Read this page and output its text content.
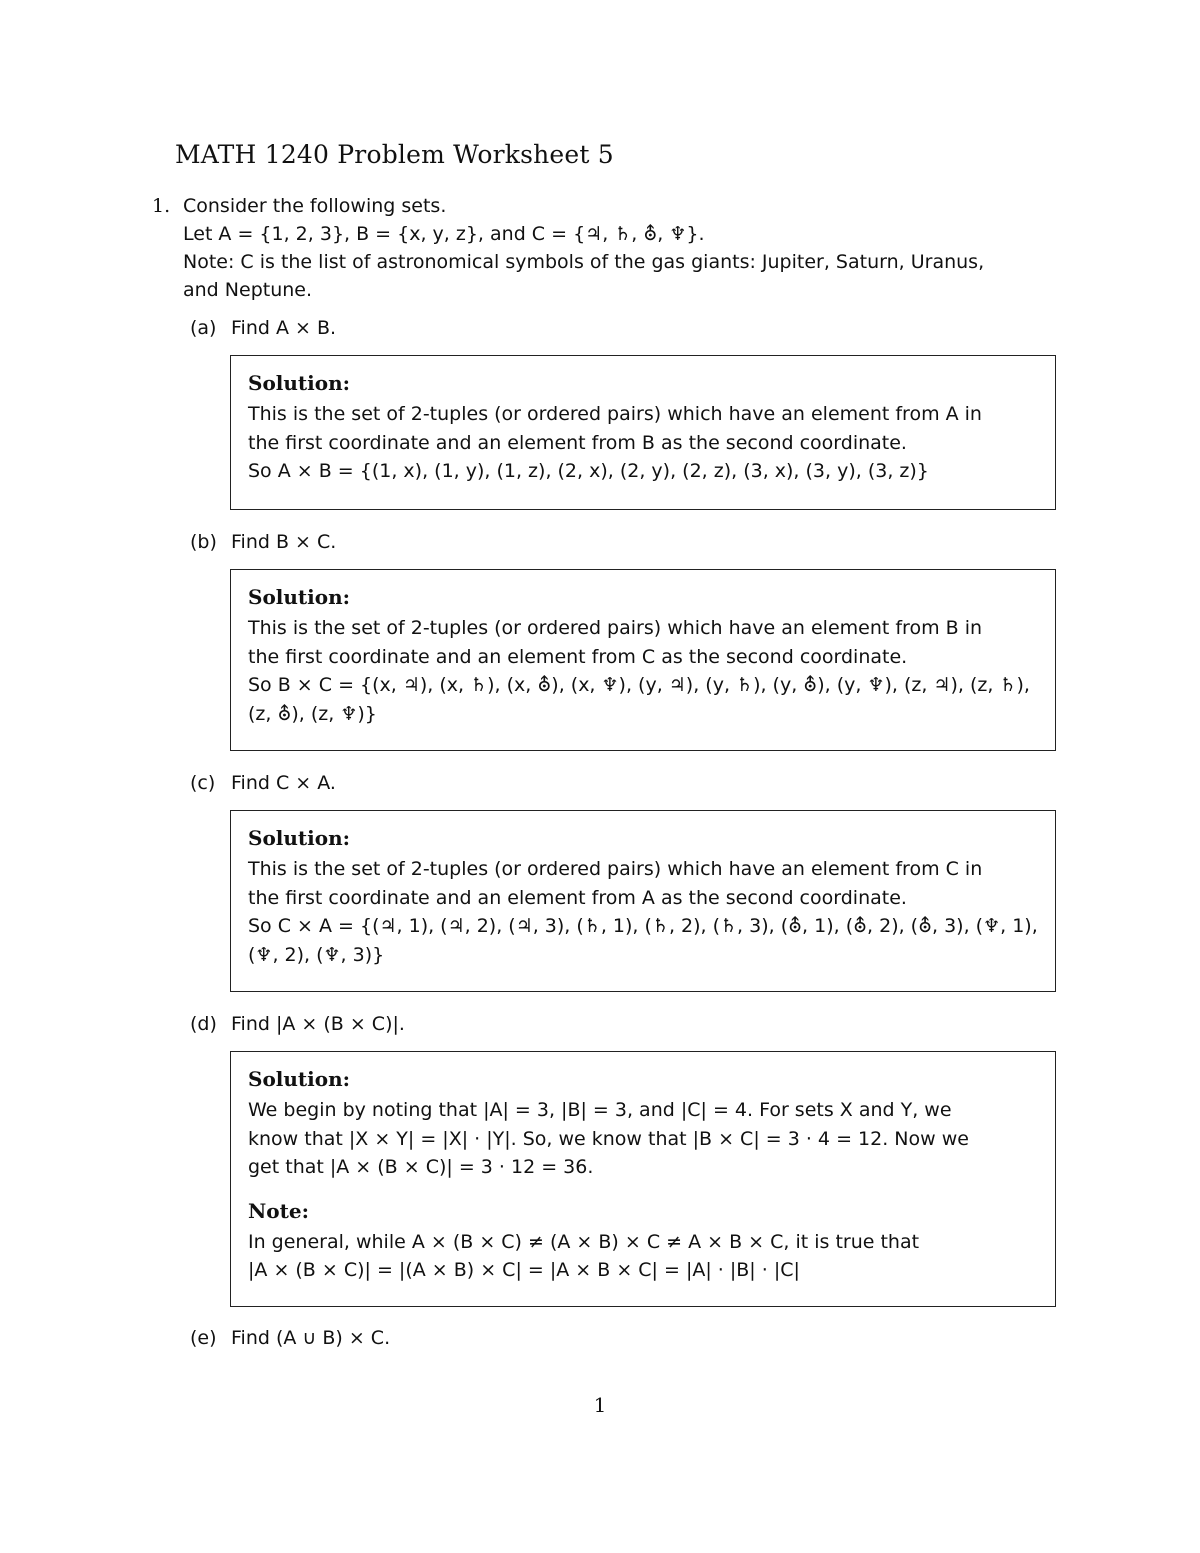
MATH 1240 Problem Worksheet 5
1. Consider the following sets.
Let A = {1, 2, 3}, B = {x, y, z}, and C = {♃, ♄, ⛢, ♆}.
Note: C is the list of astronomical symbols of the gas giants: Jupiter, Saturn, Uranus,
and Neptune.
(a) Find A × B.
Solution:
This is the set of 2-tuples (or ordered pairs) which have an element from A in
the first coordinate and an element from B as the second coordinate.
So A × B = {(1, x), (1, y), (1, z), (2, x), (2, y), (2, z), (3, x), (3, y), (3, z)}
(b) Find B × C.
Solution:
This is the set of 2-tuples (or ordered pairs) which have an element from B in
the first coordinate and an element from C as the second coordinate.
So B × C = {(x, ♃), (x, ♄), (x, ⛢), (x, ♆), (y, ♃), (y, ♄), (y, ⛢), (y, ♆), (z, ♃), (z, ♄),
(z, ⛢), (z, ♆)}
(c) Find C × A.
Solution:
This is the set of 2-tuples (or ordered pairs) which have an element from C in
the first coordinate and an element from A as the second coordinate.
So C × A = {(♃, 1), (♃, 2), (♃, 3), (♄, 1), (♄, 2), (♄, 3), (⛢, 1), (⛢, 2), (⛢, 3), (♆, 1),
(♆, 2), (♆, 3)}
(d) Find |A × (B × C)|.
Solution:
We begin by noting that |A| = 3, |B| = 3, and |C| = 4. For sets X and Y, we
know that |X × Y| = |X| · |Y|. So, we know that |B × C| = 3 · 4 = 12. Now we
get that |A × (B × C)| = 3 · 12 = 36.
Note:
In general, while A × (B × C) ≠ (A × B) × C ≠ A × B × C, it is true that
|A × (B × C)| = |(A × B) × C| = |A × B × C| = |A| · |B| · |C|
(e) Find (A ∪ B) × C.
1
